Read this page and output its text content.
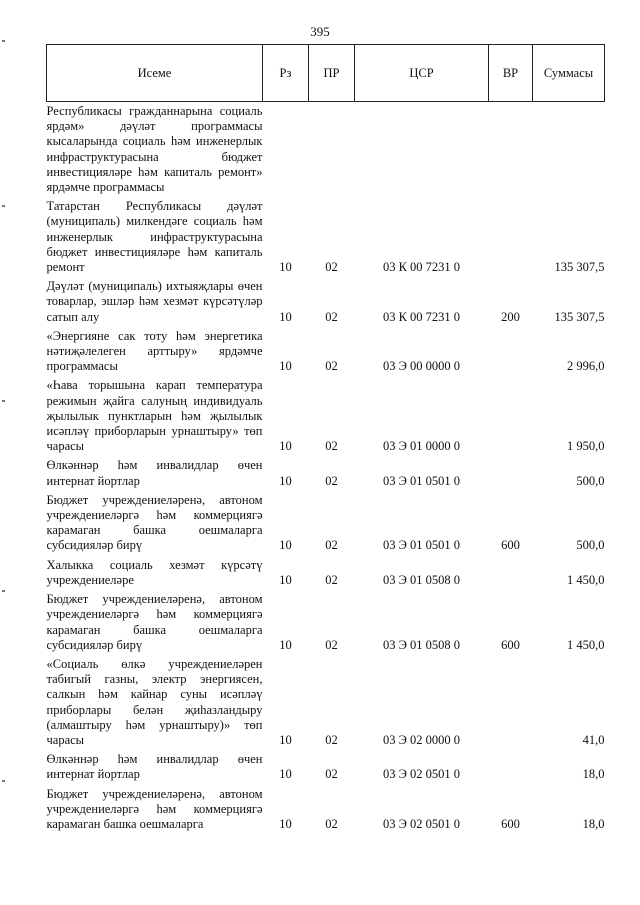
395
Исеме	Рз	ПР	ЦСР	ВР	Суммасы
Республикасы гражданнарына социаль ярдәм» дәүләт программасы кысаларында социаль һәм инженерлык инфраструктурасына бюджет инвестицияләре һәм капиталь ремонт» ярдәмче программасы					
Татарстан Республикасы дәүләт (муниципаль) милкендәге социаль һәм инженерлык инфраструктурасына бюджет инвестицияләре һәм капиталь ремонт	10	02	03 К 00 7231 0		135 307,5
Дәүләт (муниципаль) ихтыяҗлары өчен товарлар, эшләр һәм хезмәт күрсәтүләр сатып алу	10	02	03 К 00 7231 0	200	135 307,5
«Энергияне сак тоту һәм энергетика нәтиҗәлелеген арттыру» ярдәмче программасы	10	02	03 Э 00 0000 0		2 996,0
«Һава торышына карап температура режимын җайга салуның индивидуаль җылылык пунктларын һәм җылылык исәпләү приборларын урнаштыру» төп чарасы	10	02	03 Э 01 0000 0		1 950,0
Өлкәннәр һәм инвалидлар өчен интернат йортлар	10	02	03 Э 01 0501 0		500,0
Бюджет учреждениеләренә, автоном учреждениеләргә һәм коммерциягә карамаган башка оешмаларга субсидияләр бирү	10	02	03 Э 01 0501 0	600	500,0
Халыкка социаль хезмәт күрсәтү учреждениеләре	10	02	03 Э 01 0508 0		1 450,0
Бюджет учреждениеләренә, автоном учреждениеләргә һәм коммерциягә карамаган башка оешмаларга субсидияләр бирү	10	02	03 Э 01 0508 0	600	1 450,0
«Социаль өлкә учреждениеләрен табигый газны, электр энергиясен, салкын һәм кайнар суны исәпләү приборлары белән җиһазландыру (алмаштыру һәм урнаштыру)» төп чарасы	10	02	03 Э 02 0000 0		41,0
Өлкәннәр һәм инвалидлар өчен интернат йортлар	10	02	03 Э 02 0501 0		18,0
Бюджет учреждениеләренә, автоном учреждениеләргә һәм коммерциягә карамаган башка оешмаларга	10	02	03 Э 02 0501 0	600	18,0
